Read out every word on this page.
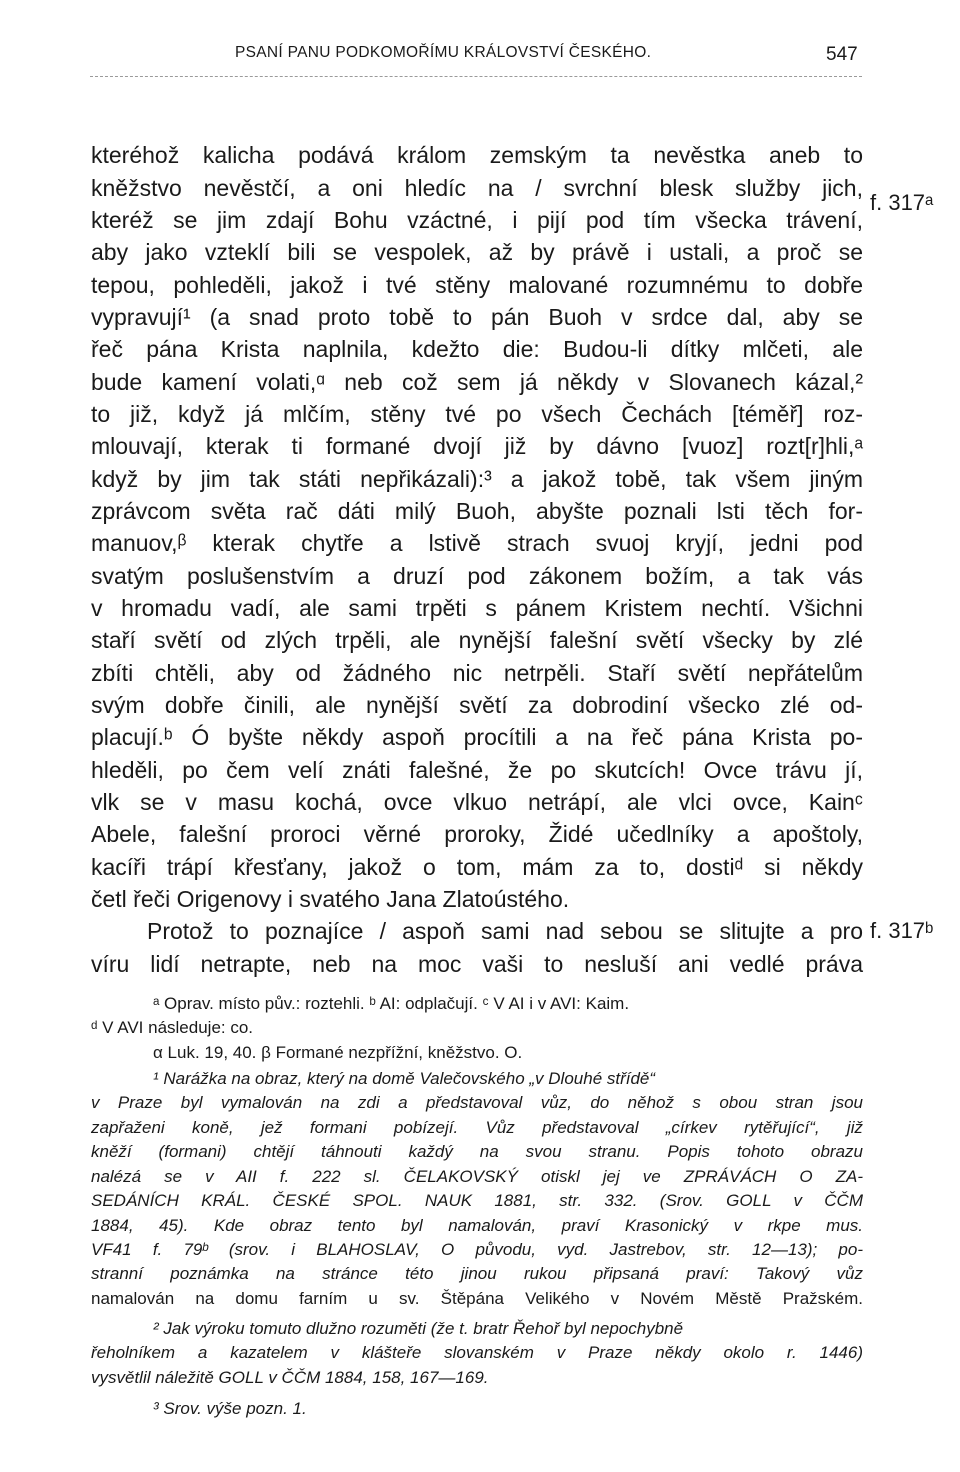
PSANÍ PANU PODKOMOŘÍMU KRÁLOVSTVÍ ČESKÉHO.	547
kteréhož kalicha podává králom zemským ta nevěstka aneb to
kněžstvo nevěstčí, a oni hledíc na / svrchní blesk služby jich,
kteréž se jim zdají Bohu vzáctné, i pijí pod tím všecka trávení,
aby jako vzteklí bili se vespolek, až by právě i ustali, a proč se
tepou, pohleděli, jakož i tvé stěny malované rozumnému to dobře
vypravují¹ (a snad proto tobě to pán Buoh v srdce dal, aby se
řeč pána Krista naplnila, kdežto die: Budou-li dítky mlčeti, ale
bude kamení volati,ᵅ neb což sem já někdy v Slovanech kázal,²
to již, když já mlčím, stěny tvé po všech Čechách [téměř] roz-
mlouvají, kterak ti formané dvojí již by dávno [vuoz] rozt[r]hli,ᵃ
když by jim tak státi nepřikázali):³ a jakož tobě, tak všem jiným
zprávcom světa rač dáti milý Buoh, abyšte poznali lsti těch for-
manuov,ᵝ kterak chytře a lstivě strach svuoj kryjí, jedni pod
svatým poslušenstvím a druzí pod zákonem božím, a tak vás
v hromadu vadí, ale sami trpěti s pánem Kristem nechtí. Všichni
staří světí od zlých trpěli, ale nynější falešní světí všecky by zlé
zbíti chtěli, aby od žádného nic netrpěli. Staří světí nepřátelům
svým dobře činili, ale nynější světí za dobrodiní všecko zlé od-
placují.ᵇ Ó byšte někdy aspoň procítili a na řeč pána Krista po-
hleděli, po čem velí znáti falešné, že po skutcích! Ovce trávu jí,
vlk se v masu kochá, ovce vlkuo netrápí, ale vlci ovce, Kainᶜ
Abele, falešní proroci věrné proroky, Židé učedlníky a apoštoly,
kacíři trápí křesťany, jakož o tom, mám za to, dostiᵈ si někdy
četl řeči Origenovy i svatého Jana Zlatoústého.
Protož to poznajíce / aspoň sami nad sebou se slitujte a pro
víru lidí netrapte, neb na moc vaši to nesluší ani vedlé práva
f. 317ᵃ
f. 317ᵇ
ᵃ Oprav. místo pův.: roztehli. ᵇ AI: odplačují. ᶜ V AI i v AVI: Kaim.
ᵈ V AVI následuje: co.
α Luk. 19, 40. β Formané nezpřížní, kněžstvo. O.
¹ Narážka na obraz, který na domě Valečovského „v Dlouhé střídě“
v Praze byl vymalován na zdi a představoval vůz, do něhož s obou stran jsou
zapřaženi koně, jež formani pobízejí. Vůz představoval „církev rytěřující“, již
kněží (formani) chtějí táhnouti každý na svou stranu. Popis tohoto obrazu
nalézá se v AII f. 222 sl. ČELAKOVSKÝ otiskl jej ve ZPRÁVÁCH O ZA-
SEDÁNÍCH KRÁL. ČESKÉ SPOL. NAUK 1881, str. 332. (Srov. GOLL v ČČM
1884, 45). Kde obraz tento byl namalován, praví Krasonický v rkpe mus.
VF41 f. 79ᵇ (srov. i BLAHOSLAV, O původu, vyd. Jastrebov, str. 12—13); po-
stranní poznámka na stránce této jinou rukou připsaná praví: Takový vůz
namalován na domu farním u sv. Štěpána Velikého v Novém Městě Pražském.
² Jak výroku tomuto dlužno rozuměti (že t. bratr Řehoř byl nepochybně
řeholníkem a kazatelem v klášteře slovanském v Praze někdy okolo r. 1446)
vysvětlil náležitě GOLL v ČČM 1884, 158, 167—169.
³ Srov. výše pozn. 1.
